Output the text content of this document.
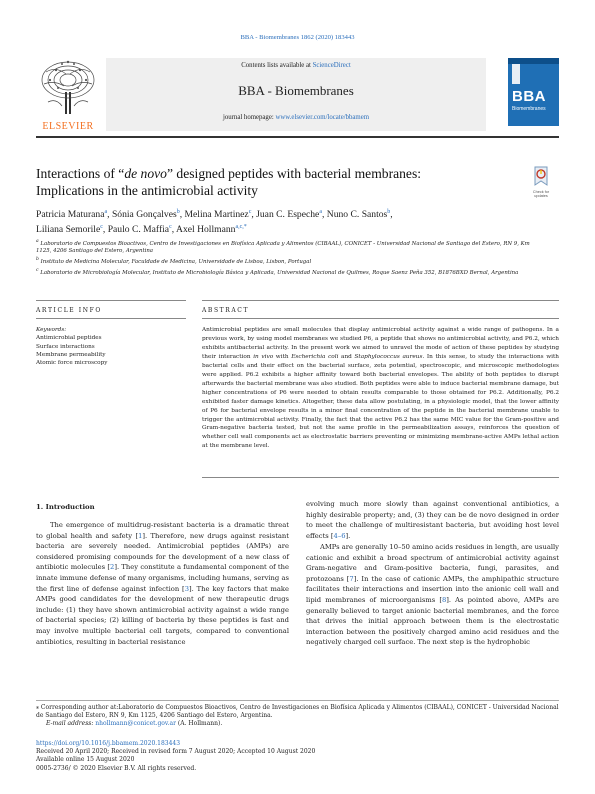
BBA - Biomembranes 1862 (2020) 183443
ELSEVIER
Contents lists available at ScienceDirect
BBA - Biomembranes
journal homepage: www.elsevier.com/locate/bbamem
BBA
Biomembranes
Interactions of “de novo” designed peptides with bacterial membranes:
Implications in the antimicrobial activity	Check for updates
Patricia Maturana$^a$, Sónia Gonçalves$^b$, Melina Martinez$^c$, Juan C. Espeche$^a$, Nuno C. Santos$^b$,
Liliana Semorile$^c$, Paulo C. Maffia$^c$, Axel Hollmann$^{a,c,*}$
$^a$ Laboratorio de Compuestos Bioactivos, Centro de Investigaciones en Biofísica Aplicada y Alimentos (CIBAAL), CONICET - Universidad Nacional de Santiago del Estero, RN 9, Km 1125, 4206 Santiago del Estero, Argentina
$^b$ Instituto de Medicina Molecular, Faculdade de Medicina, Universidade de Lisboa, Lisbon, Portugal
$^c$ Laboratorio de Microbiología Molecular, Instituto de Microbiología Básica y Aplicada, Universidad Nacional de Quilmes, Roque Saenz Peña 352, B1876BXD Bernal, Argentina
ARTICLE INFO	ABSTRACT
Keywords:
Antimicrobial peptides
Surface interactions
Membrane permeability
Atomic force microscopy
Antimicrobial peptides are small molecules that display antimicrobial activity against a wide range of pathogens. In a previous work, by using model membranes we studied P6, a peptide that shows no antimicrobial activity, and P6.2, which exhibits antibacterial activity. In the present work we aimed to unravel the mode of action of these peptides by studying their interaction in vivo with Escherichia coli and Staphylococcus aureus. In this sense, to study the interactions with bacterial cells and their effect on the bacterial surface, zeta potential, spectroscopic, and microscopic methodologies were applied. P6.2 exhibits a higher affinity toward both bacterial envelopes. The ability of both peptides to disrupt afterwards the bacterial membrane was also studied. Both peptides were able to induce bacterial membrane damage, but higher concentrations of P6 were needed to obtain results comparable to those obtained for P6.2. Additionally, P6.2 exhibited faster damage kinetics. Altogether, these data allow postulating, in a physiologic model, that the lower affinity of P6 for bacterial envelope results in a minor final concentration of the peptide in the bacterial membrane unable to trigger the antimicrobial activity. Finally, the fact that the active P6.2 has the same MIC value for the Gram-positive and Gram-negative bacteria tested, but not the same profile in the permeabilization assays, reinforces the question of whether cell wall components act as electrostatic barriers preventing or minimizing membrane-active AMPs lethal action at the membrane level.
1. Introduction
The emergence of multidrug-resistant bacteria is a dramatic threat to global health and safety [1]. Therefore, new drugs against resistant bacteria are severely needed. Antimicrobial peptides (AMPs) are considered promising compounds for the development of a new class of antibiotic molecules [2]. They constitute a fundamental component of the innate immune defense of many organisms, including humans, serving as the first line of defense against infection [3]. The key factors that make AMPs good candidates for the development of new therapeutic drugs include: (1) they have shown antimicrobial activity against a wide range of bacterial species; (2) killing of bacteria by these peptides is fast and may involve multiple bacterial cell targets, compared to conventional antibiotics, resulting in bacterial resistance
evolving much more slowly than against conventional antibiotics, a highly desirable property; and, (3) they can be de novo designed in order to meet the challenge of multiresistant bacteria, but avoiding host level effects [4–6].
AMPs are generally 10–50 amino acids residues in length, are usually cationic and exhibit a broad spectrum of antimicrobial activity against Gram-negative and Gram-positive bacteria, fungi, parasites, and protozoans [7]. In the case of cationic AMPs, the amphipathic structure facilitates their interactions and insertion into the anionic cell wall and lipid membranes of microorganisms [8]. As pointed above, AMPs are generally believed to target anionic bacterial membranes, and the force that drives the initial approach between them is the electrostatic interaction between the positively charged amino acid residues and the negatively charged cell surface. The next step is the hydrophobic
⁎ Corresponding author at:Laboratorio de Compuestos Bioactivos, Centro de Investigaciones en Biofísica Aplicada y Alimentos (CIBAAL), CONICET - Universidad Nacional de Santiago del Estero, RN 9, Km 1125, 4206 Santiago del Estero, Argentina.
E-mail address: nhollmann@conicet.gov.ar (A. Hollmann).
https://doi.org/10.1016/j.bbamem.2020.183443
Received 20 April 2020; Received in revised form 7 August 2020; Accepted 10 August 2020
Available online 15 August 2020
0005-2736/ © 2020 Elsevier B.V. All rights reserved.
